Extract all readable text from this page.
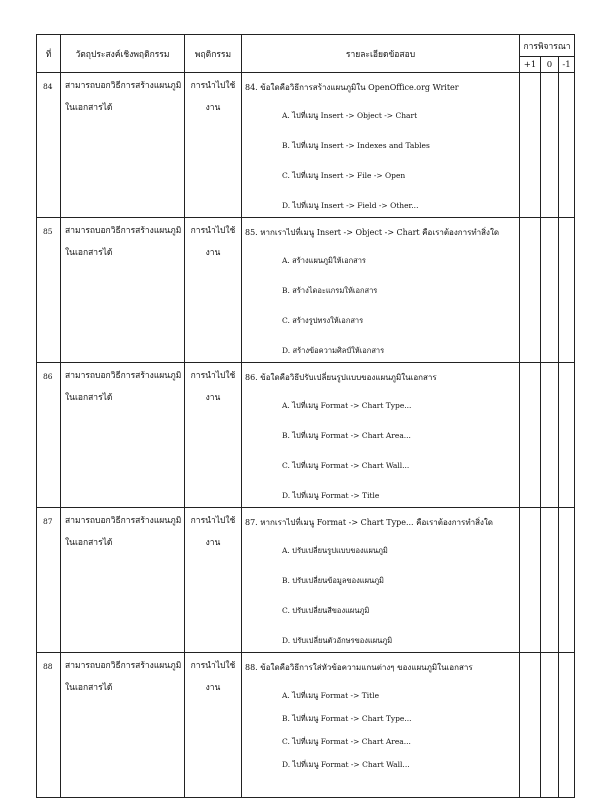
ที่	วัตถุประสงค์เชิงพฤติกรรม	พฤติกรรม	รายละเอียดข้อสอบ	การพิจารณา		
				+1	0	-1
84	สามารถบอกวิธีการสร้างแผนภูมิในเอกสารได้	การนำไปใช้งาน	84. ข้อใดคือวิธีการสร้างแผนภูมิใน OpenOffice.org Writer
A. ไปที่เมนู Insert -> Object -> Chart
B. ไปที่เมนู Insert -> Indexes and Tables
C. ไปที่เมนู Insert -> File -> Open
D. ไปที่เมนู Insert -> Field -> Other...			

85	สามารถบอกวิธีการสร้างแผนภูมิในเอกสารได้	การนำไปใช้งาน	85. หากเราไปที่เมนู Insert -> Object -> Chart คือเราต้องการทำสิ่งใด
A. สร้างแผนภูมิให้เอกสาร
B. สร้างไดอะแกรมให้เอกสาร
C. สร้างรูปทรงให้เอกสาร
D. สร้างข้อความศิลป์ให้เอกสาร			

86	สามารถบอกวิธีการสร้างแผนภูมิในเอกสารได้	การนำไปใช้งาน	86. ข้อใดคือวิธีปรับเปลี่ยนรูปแบบของแผนภูมิในเอกสาร
A. ไปที่เมนู Format -> Chart Type...
B. ไปที่เมนู Format -> Chart Area...
C. ไปที่เมนู Format -> Chart Wall...
D. ไปที่เมนู Format -> Title			

87	สามารถบอกวิธีการสร้างแผนภูมิในเอกสารได้	การนำไปใช้งาน	87. หากเราไปที่เมนู Format -> Chart Type... คือเราต้องการทำสิ่งใด
A. ปรับเปลี่ยนรูปแบบของแผนภูมิ
B. ปรับเปลี่ยนข้อมูลของแผนภูมิ
C. ปรับเปลี่ยนสีของแผนภูมิ
D. ปรับเปลี่ยนตัวอักษรของแผนภูมิ			

88	สามารถบอกวิธีการสร้างแผนภูมิในเอกสารได้	การนำไปใช้งาน	88. ข้อใดคือวิธีการใส่หัวข้อความแกนต่างๆ ของแผนภูมิในเอกสาร
A. ไปที่เมนู Format -> Title
B. ไปที่เมนู Format -> Chart Type...
C. ไปที่เมนู Format -> Chart Area...
D. ไปที่เมนู Format -> Chart Wall...			
